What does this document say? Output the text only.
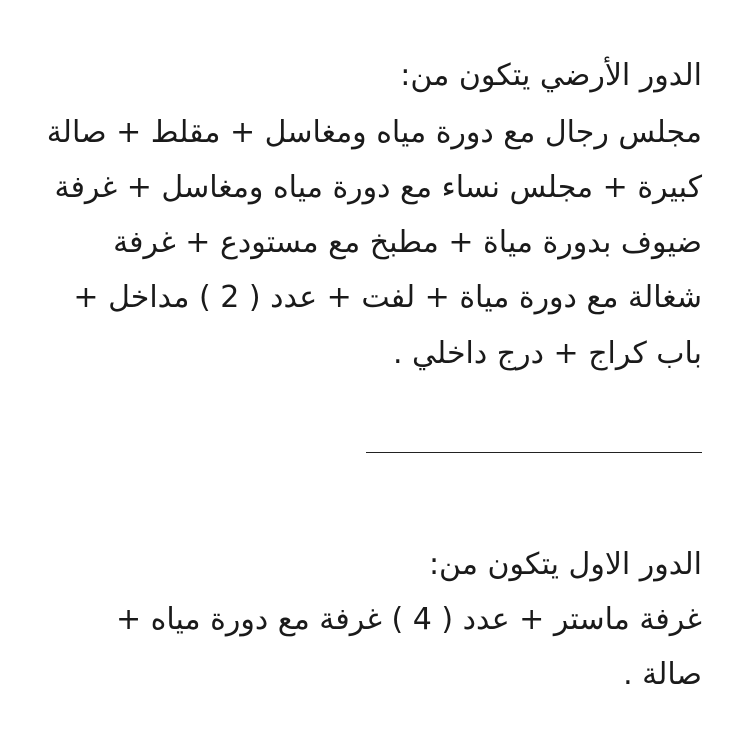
الدور الأرضي يتكون من:
مجلس رجال مع دورة مياه ومغاسل + مقلط + صالة
كبيرة + مجلس نساء مع دورة مياه ومغاسل + غرفة
ضيوف بدورة مياة + مطبخ مع مستودع + غرفة
شغالة مع دورة مياة + لفت + عدد ( 2 ) مداخل +
باب كراج + درج داخلي .
الدور الاول يتكون من:
غرفة ماستر + عدد ( 4 ) غرفة مع دورة مياه +
صالة .
